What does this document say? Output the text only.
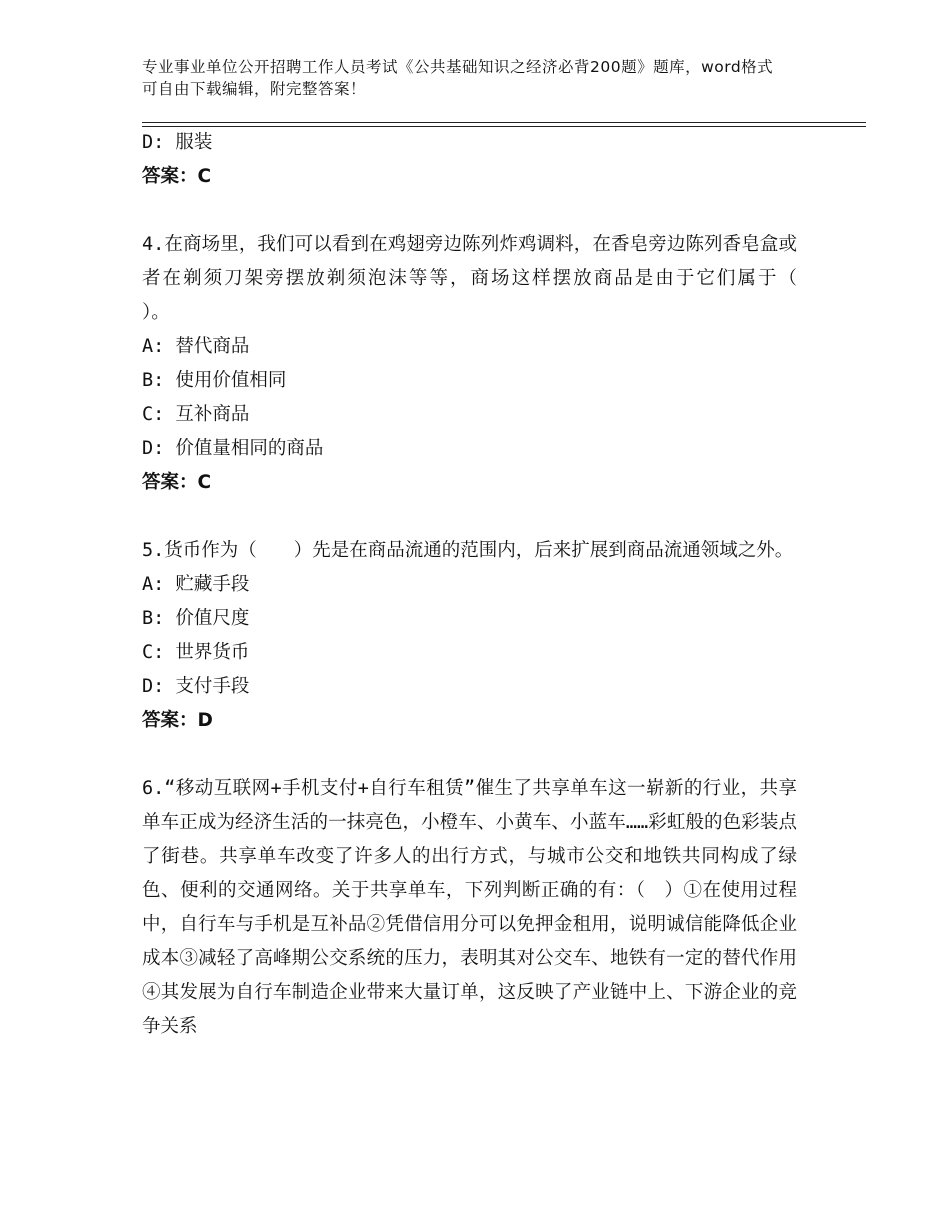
专业事业单位公开招聘工作人员考试《公共基础知识之经济必背200题》题库，word格式可自由下载编辑，附完整答案！
D: 服装
答案：C
4.在商场里，我们可以看到在鸡翅旁边陈列炸鸡调料，在香皂旁边陈列香皂盒或者在剃须刀架旁摆放剃须泡沫等等，商场这样摆放商品是由于它们属于（　　）。
A: 替代商品
B: 使用价值相同
C: 互补商品
D: 价值量相同的商品
答案：C
5.货币作为（　　）先是在商品流通的范围内，后来扩展到商品流通领域之外。
A: 贮藏手段
B: 价值尺度
C: 世界货币
D: 支付手段
答案：D
6.“移动互联网+手机支付+自行车租赁”催生了共享单车这一崭新的行业，共享单车正成为经济生活的一抹亮色，小橙车、小黄车、小蓝车……彩虹般的色彩装点了街巷。共享单车改变了许多人的出行方式，与城市公交和地铁共同构成了绿色、便利的交通网络。关于共享单车，下列判断正确的有：（　）①在使用过程中，自行车与手机是互补品②凭借信用分可以免押金租用，说明诚信能降低企业成本③减轻了高峰期公交系统的压力，表明其对公交车、地铁有一定的替代作用④其发展为自行车制造企业带来大量订单，这反映了产业链中上、下游企业的竞争关系
